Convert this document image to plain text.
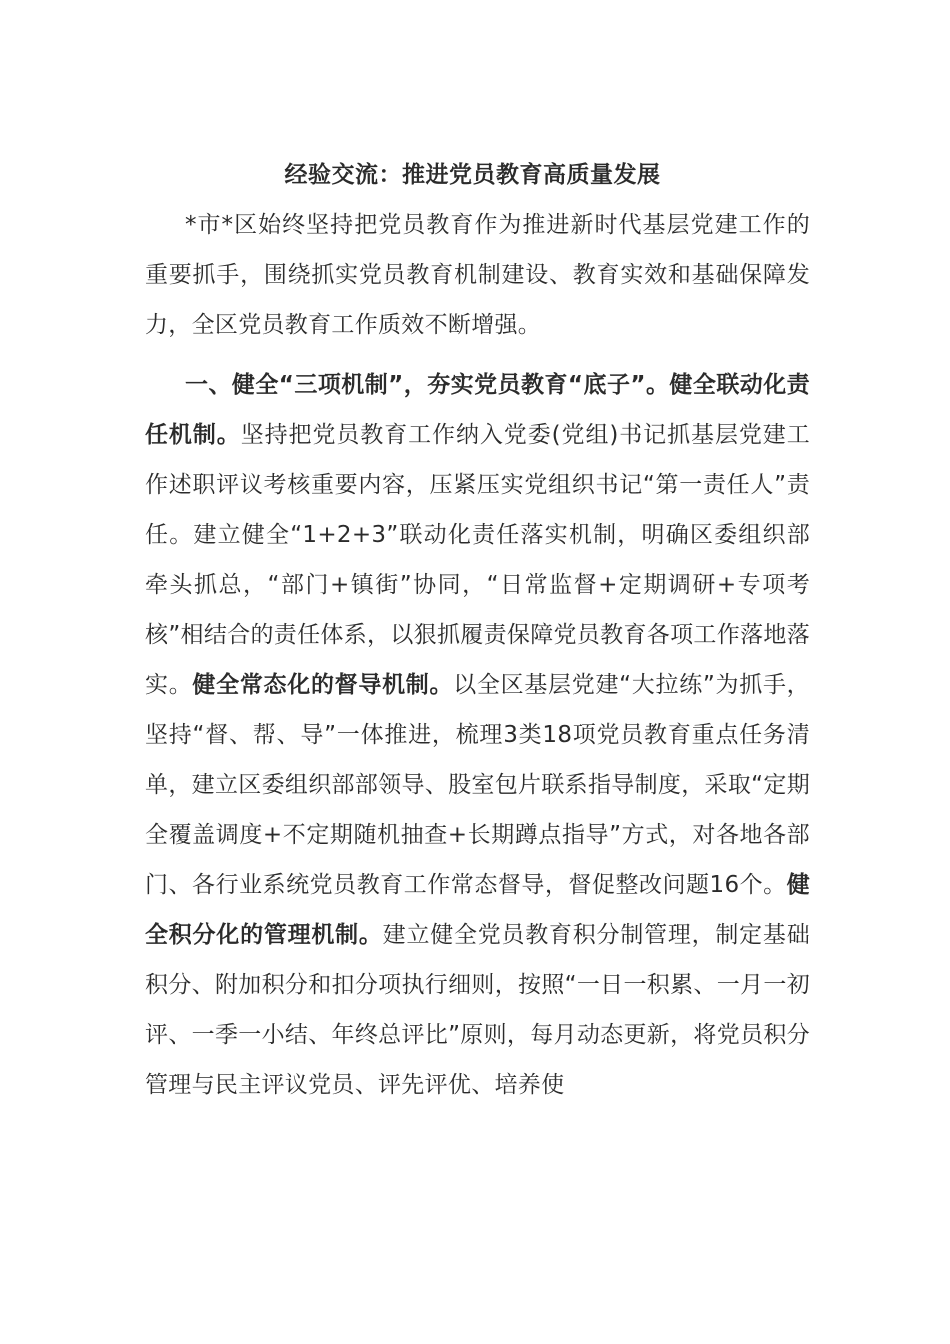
经验交流：推进党员教育高质量发展

*市*区始终坚持把党员教育作为推进新时代基层党建工作的重要抓手，围绕抓实党员教育机制建设、教育实效和基础保障发力，全区党员教育工作质效不断增强。

一、健全“三项机制”，夯实党员教育“底子”。健全联动化责任机制。坚持把党员教育工作纳入党委(党组)书记抓基层党建工作述职评议考核重要内容，压紧压实党组织书记“第一责任人”责任。建立健全“1+2+3”联动化责任落实机制，明确区委组织部牵头抓总，“部门+镇街”协同，“日常监督+定期调研+专项考核”相结合的责任体系，以狠抓履责保障党员教育各项工作落地落实。健全常态化的督导机制。以全区基层党建“大拉练”为抓手，坚持“督、帮、导”一体推进，梳理3类18项党员教育重点任务清单，建立区委组织部部领导、股室包片联系指导制度，采取“定期全覆盖调度+不定期随机抽查+长期蹲点指导”方式，对各地各部门、各行业系统党员教育工作常态督导，督促整改问题16个。健全积分化的管理机制。建立健全党员教育积分制管理，制定基础积分、附加积分和扣分项执行细则，按照“一日一积累、一月一初评、一季一小结、年终总评比”原则，每月动态更新，将党员积分管理与民主评议党员、评先评优、培养使
